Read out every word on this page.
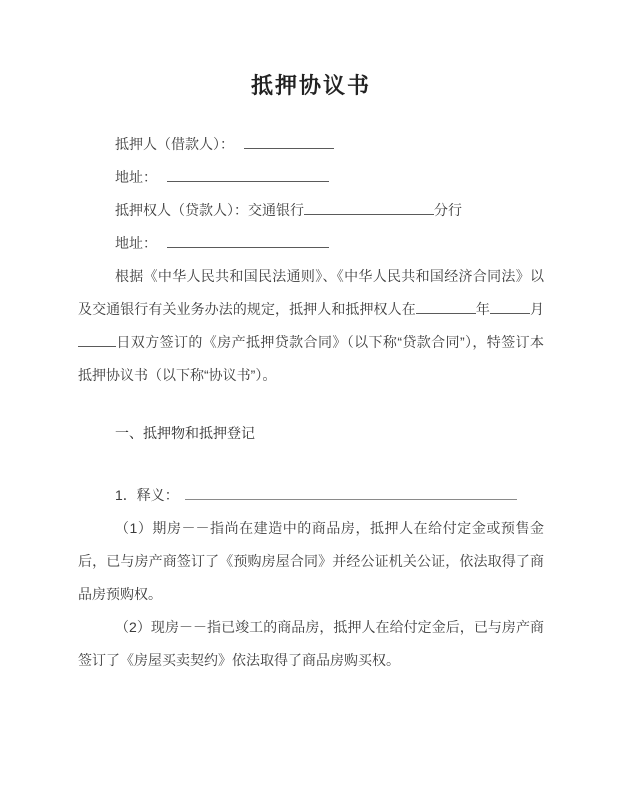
抵押协议书
抵押人（借款人）：
地址：
抵押权人（贷款人）：交通银行	分行
地址：

根据《中华人民共和国民法通则》、《中华人民共和国经济合同法》以及交通银行有关业务办法的规定，抵押人和抵押权人在	年	月日双方签订的《房产抵押贷款合同》（以下称“贷款合同”），特签订本抵押协议书（以下称“协议书”）。

一、抵押物和抵押登记
1．释义：

（1）期房－－指尚在建造中的商品房，抵押人在给付定金或预售金后，已与房产商签订了《预购房屋合同》并经公证机关公证，依法取得了商品房预购权。

（2）现房－－指已竣工的商品房，抵押人在给付定金后，已与房产商签订了《房屋买卖契约》依法取得了商品房购买权。
